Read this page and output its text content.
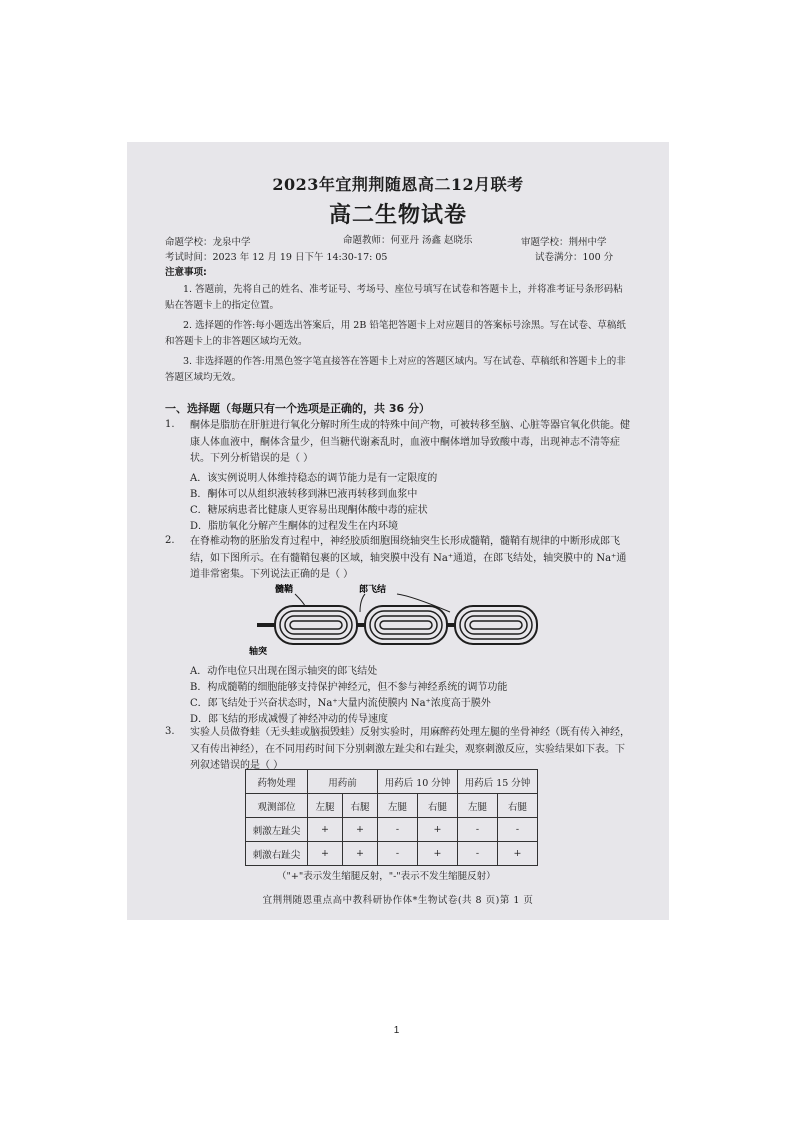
2023年宜荆荆随恩高二12月联考
高二生物试卷
命题学校：龙泉中学	命题教师：何亚丹 汤鑫 赵晓乐	审题学校：荆州中学
考试时间：2023 年 12 月 19 日下午 14:30-17: 05	试卷满分：100 分
注意事项:
1. 答题前，先将自己的姓名、准考证号、考场号、座位号填写在试卷和答题卡上，并将准考证号条形码粘贴在答题卡上的指定位置。
2. 选择题的作答:每小题选出答案后，用 2B 铅笔把答题卡上对应题目的答案标号涂黑。写在试卷、草稿纸和答题卡上的非答题区域均无效。
3. 非选择题的作答:用黑色签字笔直接答在答题卡上对应的答题区域内。写在试卷、草稿纸和答题卡上的非答题区域均无效。
一、选择题（每题只有一个选项是正确的，共 36 分）
1. 酮体是脂肪在肝脏进行氧化分解时所生成的特殊中间产物，可被转移至脑、心脏等器官氧化供能。健康人体血液中，酮体含量少，但当糖代谢紊乱时，血液中酮体增加导致酸中毒，出现神志不清等症状。下列分析错误的是（ ）
A．该实例说明人体维持稳态的调节能力是有一定限度的
B．酮体可以从组织液转移到淋巴液再转移到血浆中
C．糖尿病患者比健康人更容易出现酮体酸中毒的症状
D．脂肪氧化分解产生酮体的过程发生在内环境
2. 在脊椎动物的胚胎发育过程中，神经胶质细胞围绕轴突生长形成髓鞘，髓鞘有规律的中断形成郎飞结，如下图所示。在有髓鞘包裹的区域，轴突膜中没有 Na⁺通道，在郎飞结处，轴突膜中的 Na⁺通道非常密集。下列说法正确的是（ ）
髓鞘	郎飞结
轴突
A．动作电位只出现在图示轴突的郎飞结处
B．构成髓鞘的细胞能够支持保护神经元，但不参与神经系统的调节功能
C．郎飞结处于兴奋状态时，Na⁺大量内流使膜内 Na⁺浓度高于膜外
D．郎飞结的形成减慢了神经冲动的传导速度
3. 实验人员做脊蛙（无头蛙或脑损毁蛙）反射实验时，用麻醉药处理左腿的坐骨神经（既有传入神经，又有传出神经），在不同用药时间下分别刺激左趾尖和右趾尖，观察刺激反应，实验结果如下表。下列叙述错误的是（ ）
药物处理	用药前		用药后 10 分钟		用药后 15 分钟	
观测部位	左腿	右腿	左腿	右腿	左腿	右腿
刺激左趾尖	+	+	-	+	-	-
刺激右趾尖	+	+	-	+	-	+
（"+"表示发生缩腿反射，"-"表示不发生缩腿反射）
宜荆荆随恩重点高中教科研协作体*生物试卷(共 8 页)第 1 页
1
